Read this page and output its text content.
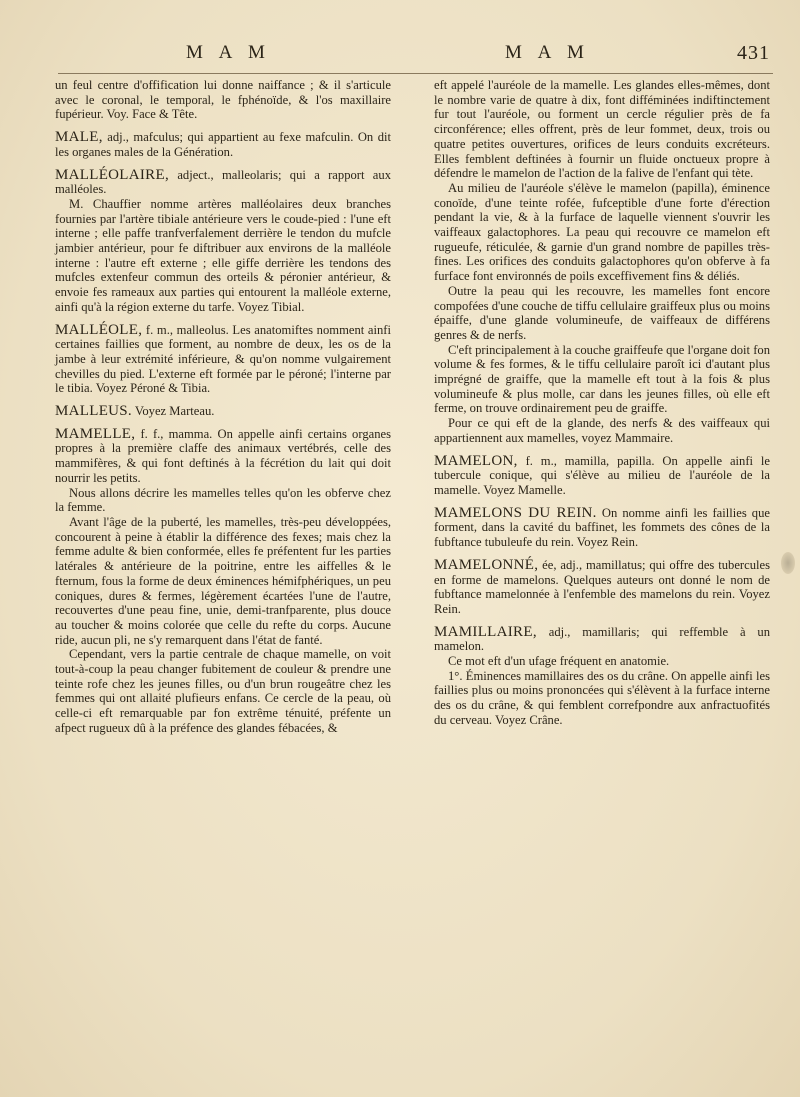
M A M	M A M	431

un feul centre d'offification lui donne naiffance ; & il s'articule avec le coronal, le temporal, le fphénoïde, & l'os maxillaire fupérieur. Voy. Face & Tête.

MALE, adj., mafculus; qui appartient au fexe mafculin. On dit les organes males de la Génération.

MALLÉOLAIRE, adject., malleolaris; qui a rapport aux malléoles.

M. Chauffier nomme artères malléolaires deux branches fournies par l'artère tibiale antérieure vers le coude-pied : l'une eft interne ; elle paffe tranfverfalement derrière le tendon du mufcle jambier antérieur, pour fe diftribuer aux environs de la malléole interne : l'autre eft externe ; elle giffe derrière les tendons des mufcles extenfeur commun des orteils & péronier antérieur, & envoie fes rameaux aux parties qui entourent la malléole externe, ainfi qu'à la région externe du tarfe. Voyez Tibial.

MALLÉOLE, f. m., malleolus. Les anatomiftes nomment ainfi certaines faillies que forment, au nombre de deux, les os de la jambe à leur extrémité inférieure, & qu'on nomme vulgairement chevilles du pied. L'externe eft formée par le péroné; l'interne par le tibia. Voyez Péroné & Tibia.

MALLEUS. Voyez Marteau.

MAMELLE, f. f., mamma. On appelle ainfi certains organes propres à la première claffe des animaux vertébrés, celle des mammifères, & qui font deftinés à la fécrétion du lait qui doit nourrir les petits.

Nous allons décrire les mamelles telles qu'on les obferve chez la femme.

Avant l'âge de la puberté, les mamelles, très-peu développées, concourent à peine à établir la différence des fexes; mais chez la femme adulte & bien conformée, elles fe préfentent fur les parties latérales & antérieure de la poitrine, entre les aiffelles & le fternum, fous la forme de deux éminences hémifphériques, un peu coniques, dures & fermes, légèrement écartées l'une de l'autre, recouvertes d'une peau fine, unie, demi-tranfparente, plus douce au toucher & moins colorée que celle du refte du corps. Aucune ride, aucun pli, ne s'y remarquent dans l'état de fanté.

Cependant, vers la partie centrale de chaque mamelle, on voit tout-à-coup la peau changer fubitement de couleur & prendre une teinte rofe chez les jeunes filles, ou d'un brun rougeâtre chez les femmes qui ont allaité plufieurs enfans. Ce cercle de la peau, où celle-ci eft remarquable par fon extrême ténuité, préfente un afpect rugueux dû à la préfence des glandes fébacées, &

eft appelé l'auréole de la mamelle. Les glandes elles-mêmes, dont le nombre varie de quatre à dix, font difféminées indiftinctement fur tout l'auréole, ou forment un cercle régulier près de fa circonférence; elles offrent, près de leur fommet, deux, trois ou quatre petites ouvertures, orifices de leurs conduits excréteurs. Elles femblent deftinées à fournir un fluide onctueux propre à défendre le mamelon de l'action de la falive de l'enfant qui tète.

Au milieu de l'auréole s'élève le mamelon (papilla), éminence conoïde, d'une teinte rofée, fufceptible d'une forte d'érection pendant la vie, & à la furface de laquelle viennent s'ouvrir les vaiffeaux galactophores. La peau qui recouvre ce mamelon eft rugueufe, réticulée, & garnie d'un grand nombre de papilles très-fines. Les orifices des conduits galactophores qu'on obferve à fa furface font environnés de poils exceffivement fins & déliés.

Outre la peau qui les recouvre, les mamelles font encore compofées d'une couche de tiffu cellulaire graiffeux plus ou moins épaiffe, d'une glande volumineufe, de vaiffeaux de différens genres & de nerfs.

C'eft principalement à la couche graiffeufe que l'organe doit fon volume & fes formes, & le tiffu cellulaire paroît ici d'autant plus imprégné de graiffe, que la mamelle eft tout à la fois & plus volumineufe & plus molle, car dans les jeunes filles, où elle eft ferme, on trouve ordinairement peu de graiffe.

Pour ce qui eft de la glande, des nerfs & des vaiffeaux qui appartiennent aux mamelles, voyez Mammaire.

MAMELON, f. m., mamilla, papilla. On appelle ainfi le tubercule conique, qui s'élève au milieu de l'auréole de la mamelle. Voyez Mamelle.

MAMELONS DU REIN. On nomme ainfi les faillies que forment, dans la cavité du baffinet, les fommets des cônes de la fubftance tubuleufe du rein. Voyez Rein.

MAMELONNÉ, ée, adj., mamillatus; qui offre des tubercules en forme de mamelons. Quelques auteurs ont donné le nom de fubftance mamelonnée à l'enfemble des mamelons du rein. Voyez Rein.

MAMILLAIRE, adj., mamillaris; qui reffemble à un mamelon.

Ce mot eft d'un ufage fréquent en anatomie.

1°. Éminences mamillaires des os du crâne. On appelle ainfi les faillies plus ou moins prononcées qui s'élèvent à la furface interne des os du crâne, & qui femblent correfpondre aux anfractuofités du cerveau. Voyez Crâne.
